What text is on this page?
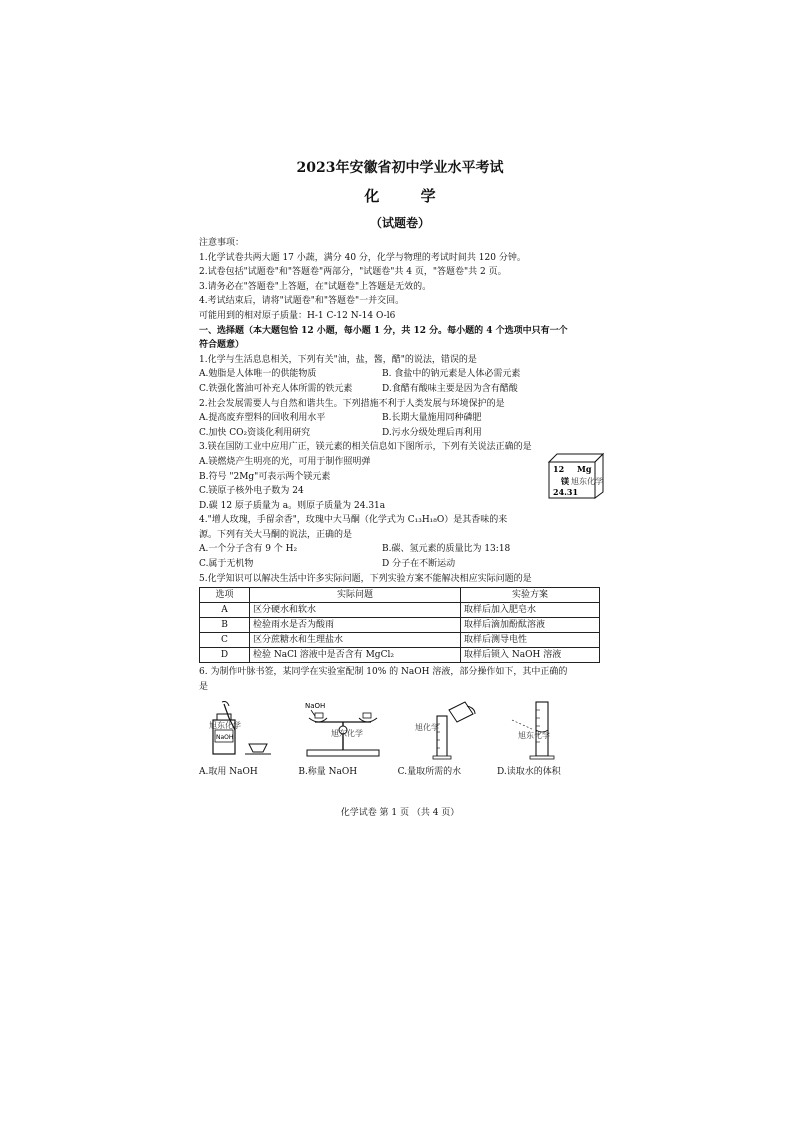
2023年安徽省初中学业水平考试

化 学

（试题卷）

注意事项：
1.化学试卷共两大题 17 小蔬，满分 40 分，化学与物理的考试时间共 120 分钟。
2.试卷包括"试题卷"和"答题卷"两部分，"试题卷"共 4 页，"答题卷"共 2 页。
3.请务必在"答题卷"上答题，在"试题卷"上答题是无效的。
4.考试结束后，请将"试题卷"和"答题卷"一并交回。
可能用到的相对原子质量：H-1 C-12 N-14 O-l6
一、选择题（本大题包恰 12 小题，每小题 1 分，共 12 分。每小题的 4 个选项中只有一个
符合题意）
1.化学与生活息息相关，下列有关"油，盐，酱，醋"的说法，错误的是
A.勉脂是人体唯一的供能物质	B. 食盐中的钠元素是人体必需元素
C.铁强化酱油可补充人体所需的铁元素	D.食醋有酸味主要是因为含有醋酸
2.社会发展需要人与自然和谐共生。下列措施不利于人类发展与环境保护的是
A.提高废弃塑料的回收利用水平	B.长期大量施用同种磷肥
C.加快 CO₂资谈化利用研究	D.污水分级处理后再利用
3.镁在国防工业中应用广正，镁元素的相关信息如下图所示，下列有关说法正确的是
A.镁燃烧产生明亮的光，可用于制作照明弹
B.符号 "2Mg"可表示两个镁元素
C.镁原子核外电子数为 24
D.碳 12 原子质量为 a。则原子质量为 24.31a
12 Mg
镁 旭东化学
24.31
4."增人玫瑰，手留余香"，玫瑰中大马酮（化学式为 C₁₃H₁₈O）是其香味的来
源。下列有关大马酮的说法，正确的是
A.一个分子含有 9 个 H₂	B.碳、氢元素的质量比为 13:18
C.属于无机物	D 分子在不断运动
5.化学知识可以解决生活中许多实际问题，下列实验方案不能解决相应实际问题的是
选项	实际问题	实验方案
A	区分硬水和软水	取样后加入肥皂水
B	检验雨水是否为酸雨	取样后滴加酚酞溶液
C	区分蔗糖水和生理盐水	取样后测导电性
D	检验 NaCl 溶液中是否含有 MgCl₂	取样后锁入 NaOH 溶液
6. 为制作叶脉书签，某同学在实验室配制 10% 的 NaOH 溶液，部分操作如下，其中正确的
是
NaOH
旭东化学
A.取用 NaOH
NaOH
旭东化学
B.称量 NaOH
旭化学
C.量取所需的水
旭东化学
D.读取水的体积
化学试卷 第 1 页 （共 4 页）
